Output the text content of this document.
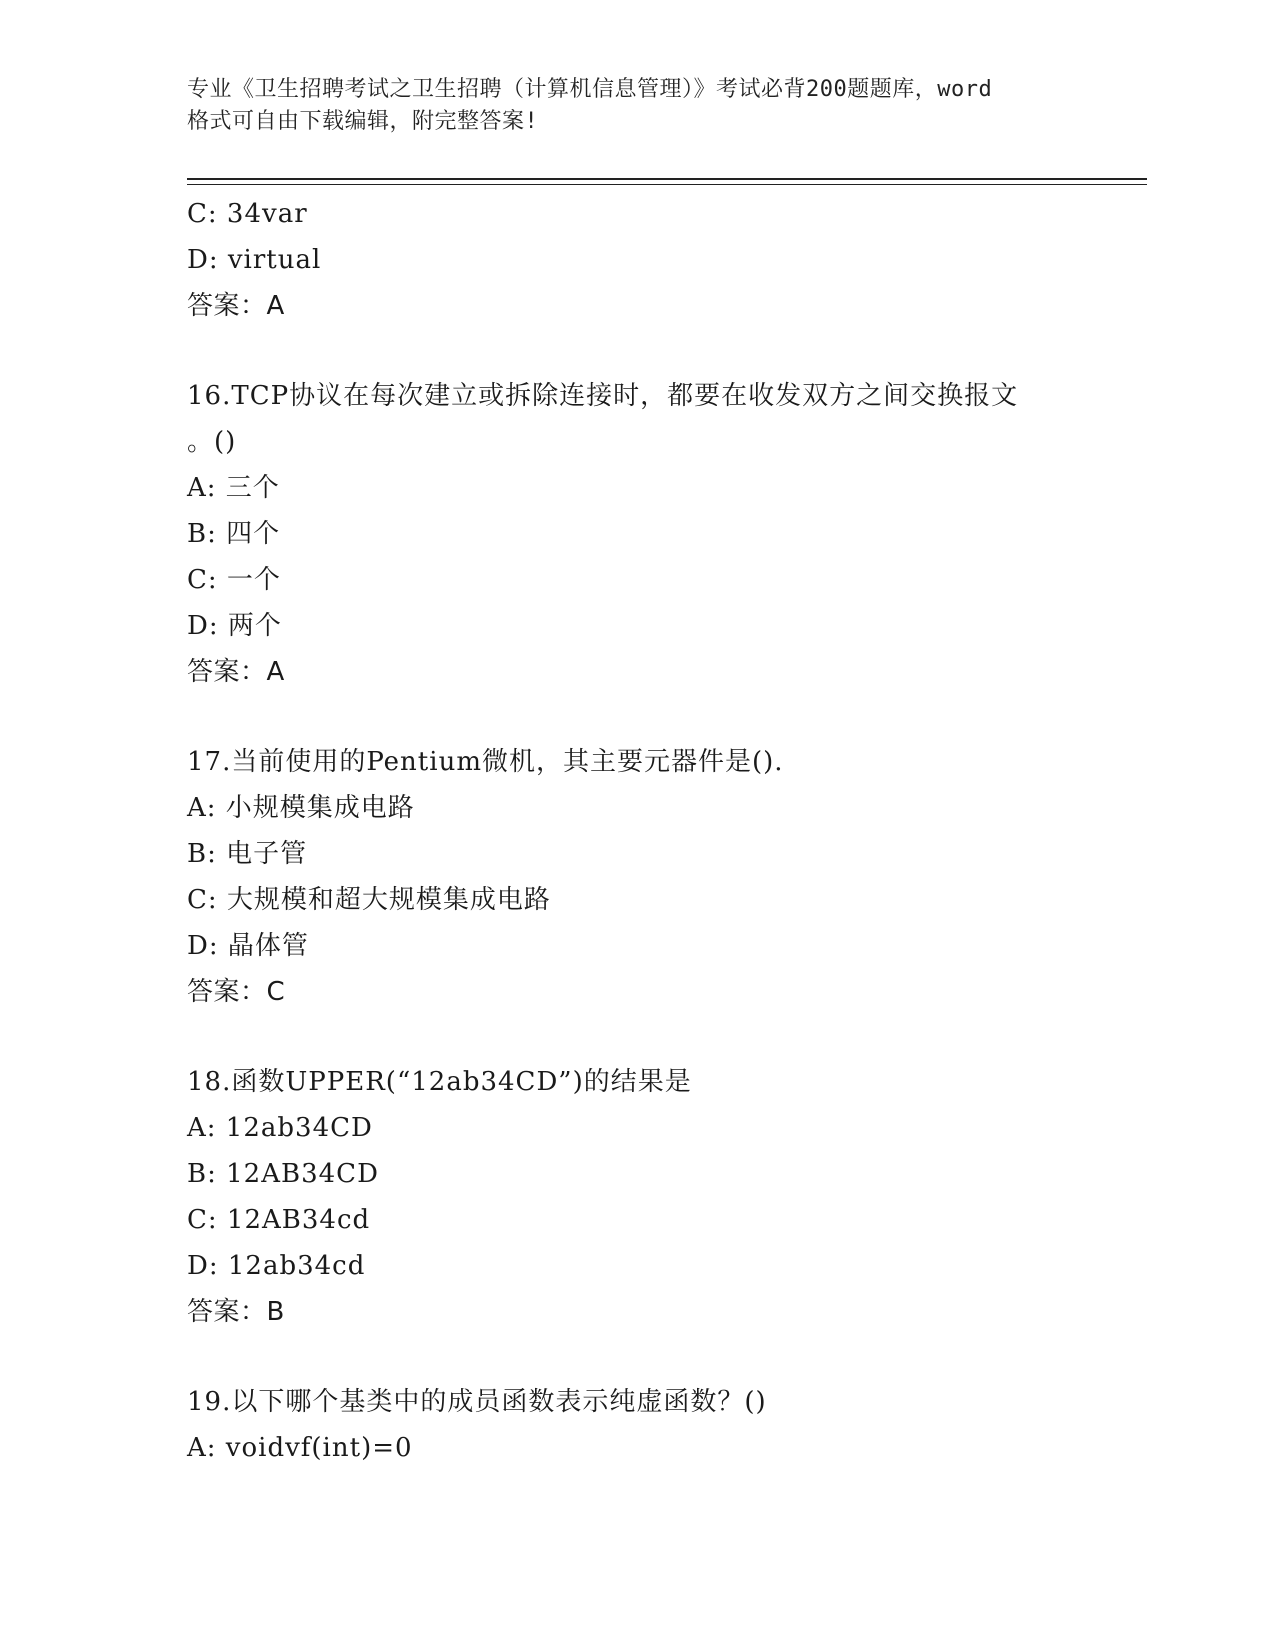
专业《卫生招聘考试之卫生招聘（计算机信息管理）》考试必背200题题库，word
格式可自由下载编辑，附完整答案!
C: 34var
D: virtual
答案：A
16.TCP协议在每次建立或拆除连接时，都要在收发双方之间交换报文
。()
A: 三个
B: 四个
C: 一个
D: 两个
答案：A
17.当前使用的Pentium微机，其主要元器件是().
A: 小规模集成电路
B: 电子管
C: 大规模和超大规模集成电路
D: 晶体管
答案：C
18.函数UPPER(“12ab34CD”)的结果是
A: 12ab34CD
B: 12AB34CD
C: 12AB34cd
D: 12ab34cd
答案：B
19.以下哪个基类中的成员函数表示纯虚函数？()
A: voidvf(int)=0
